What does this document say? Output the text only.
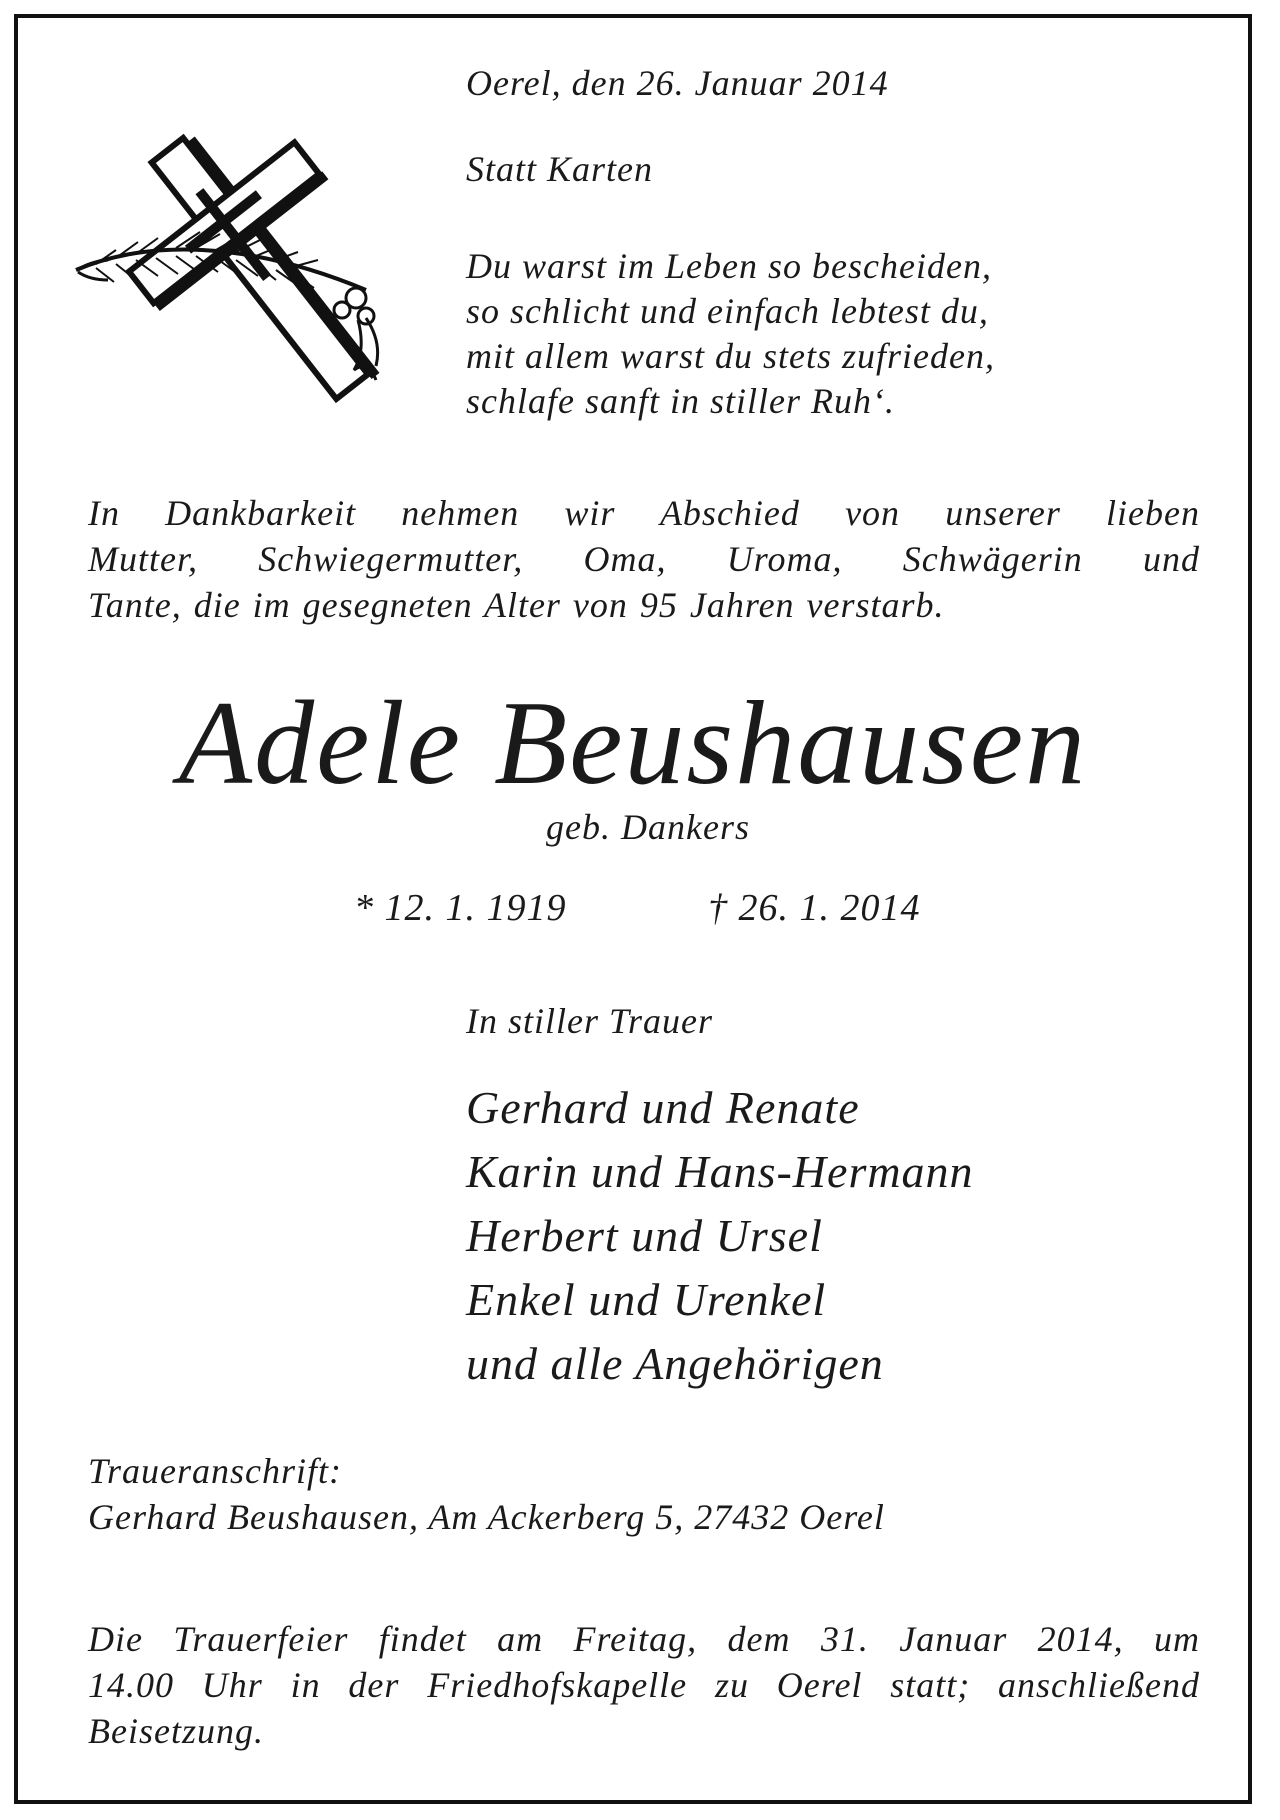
Oerel, den 26. Januar 2014

Statt Karten

Du warst im Leben so bescheiden,
so schlicht und einfach lebtest du,
mit allem warst du stets zufrieden,
schlafe sanft in stiller Ruh‘.
In Dankbarkeit nehmen wir Abschied von unserer lieben
Mutter, Schwiegermutter, Oma, Uroma, Schwägerin und
Tante, die im gesegneten Alter von 95 Jahren verstarb.
Adele Beushausen

geb. Dankers

* 12. 1. 1919	† 26. 1. 2014

In stiller Trauer

Gerhard und Renate
Karin und Hans-Hermann
Herbert und Ursel
Enkel und Urenkel
und alle Angehörigen

Traueranschrift:

Gerhard Beushausen, Am Ackerberg 5, 27432 Oerel

Die Trauerfeier findet am Freitag, dem 31. Januar 2014, um
14.00 Uhr in der Friedhofskapelle zu Oerel statt; anschließend
Beisetzung.
